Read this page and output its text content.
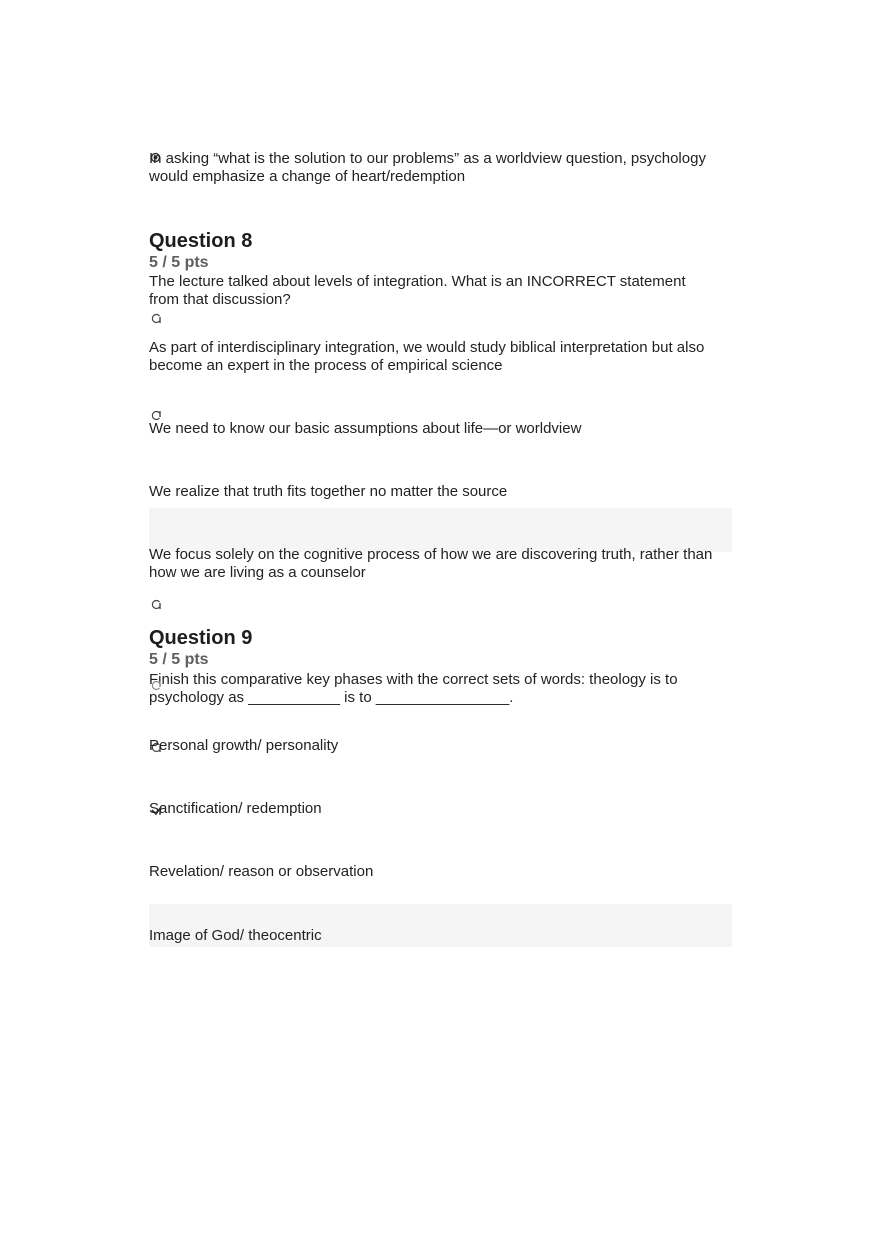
In asking “what is the solution to our problems” as a worldview question, psychology would emphasize a change of heart/redemption
Question 8
5 / 5 pts
The lecture talked about levels of integration. What is an INCORRECT statement from that discussion?
As part of interdisciplinary integration, we would study biblical interpretation but also become an expert in the process of empirical science
We need to know our basic assumptions about life—or worldview
We realize that truth fits together no matter the source
We focus solely on the cognitive process of how we are discovering truth, rather than how we are living as a counselor
Question 9
5 / 5 pts
Finish this comparative key phases with the correct sets of words: theology is to psychology as ___________ is to ________________.
Personal growth/ personality
Sanctification/ redemption
Revelation/ reason or observation
Image of God/ theocentric
